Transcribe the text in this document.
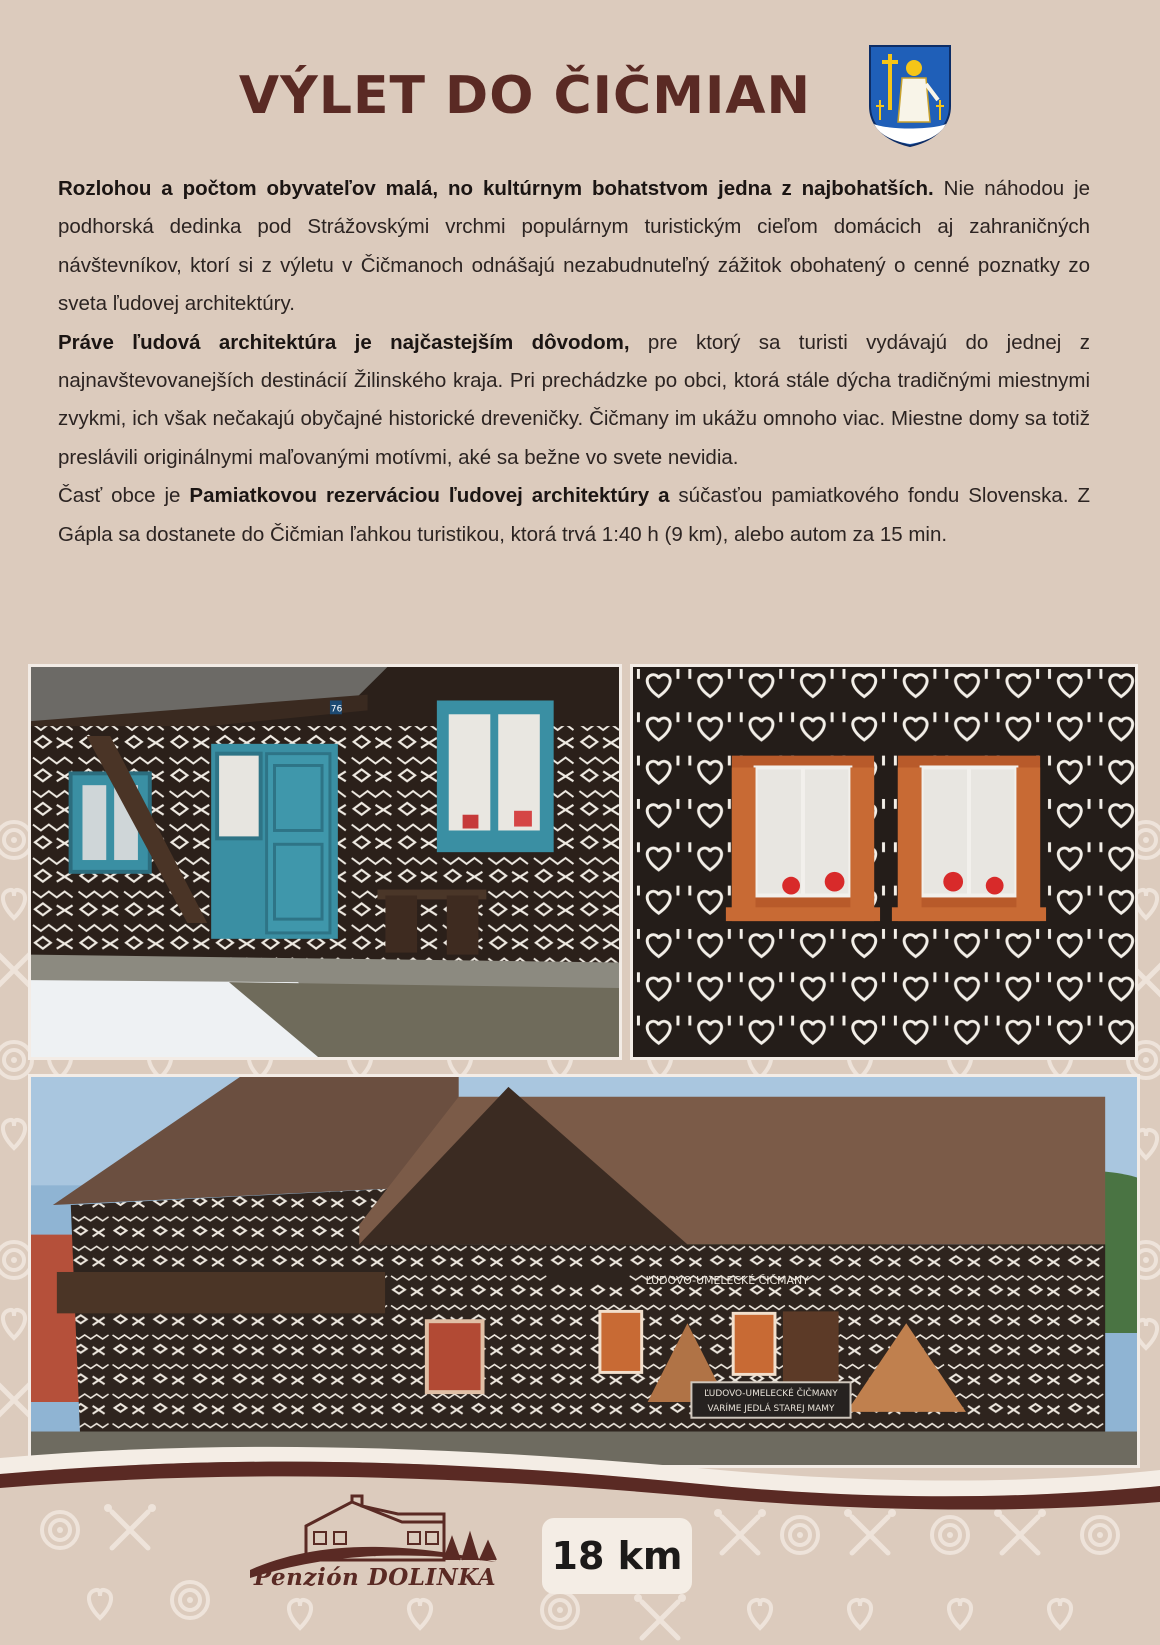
VÝLET DO ČIČMIAN

Rozlohou a počtom obyvateľov malá, no kultúrnym bohatstvom jedna z najbohatších. Nie náhodou je podhorská dedinka pod Strážovskými vrchmi populárnym turistickým cieľom domácich aj zahraničných návštevníkov, ktorí si z výletu v Čičmanoch odnášajú nezabudnuteľný zážitok obohatený o cenné poznatky zo sveta ľudovej architektúry.

Práve ľudová architektúra je najčastejším dôvodom, pre ktorý sa turisti vydávajú do jednej z najnavštevovanejších destinácií Žilinského kraja. Pri prechádzke po obci, ktorá stále dýcha tradičnými miestnymi zvykmi, ich však nečakajú obyčajné historické dreveničky. Čičmany im ukážu omnoho viac. Miestne domy sa totiž preslávili originálnymi maľovanými motívmi, aké sa bežne vo svete nevidia.

Časť obce je Pamiatkovou rezerváciou ľudovej architektúry a súčasťou pamiatkového fondu Slovenska. Z Gápla sa dostanete do Čičmian ľahkou turistikou, ktorá trvá 1:40 h (9 km), alebo autom za 15 min.

76
ĽUDOVO-UMELECKÉ ČIČMANY
ĽUDOVO-UMELECKÉ ČIČMANY
VARÍME JEDLÁ STAREJ MAMY
Penzión DOLINKA 18 km
